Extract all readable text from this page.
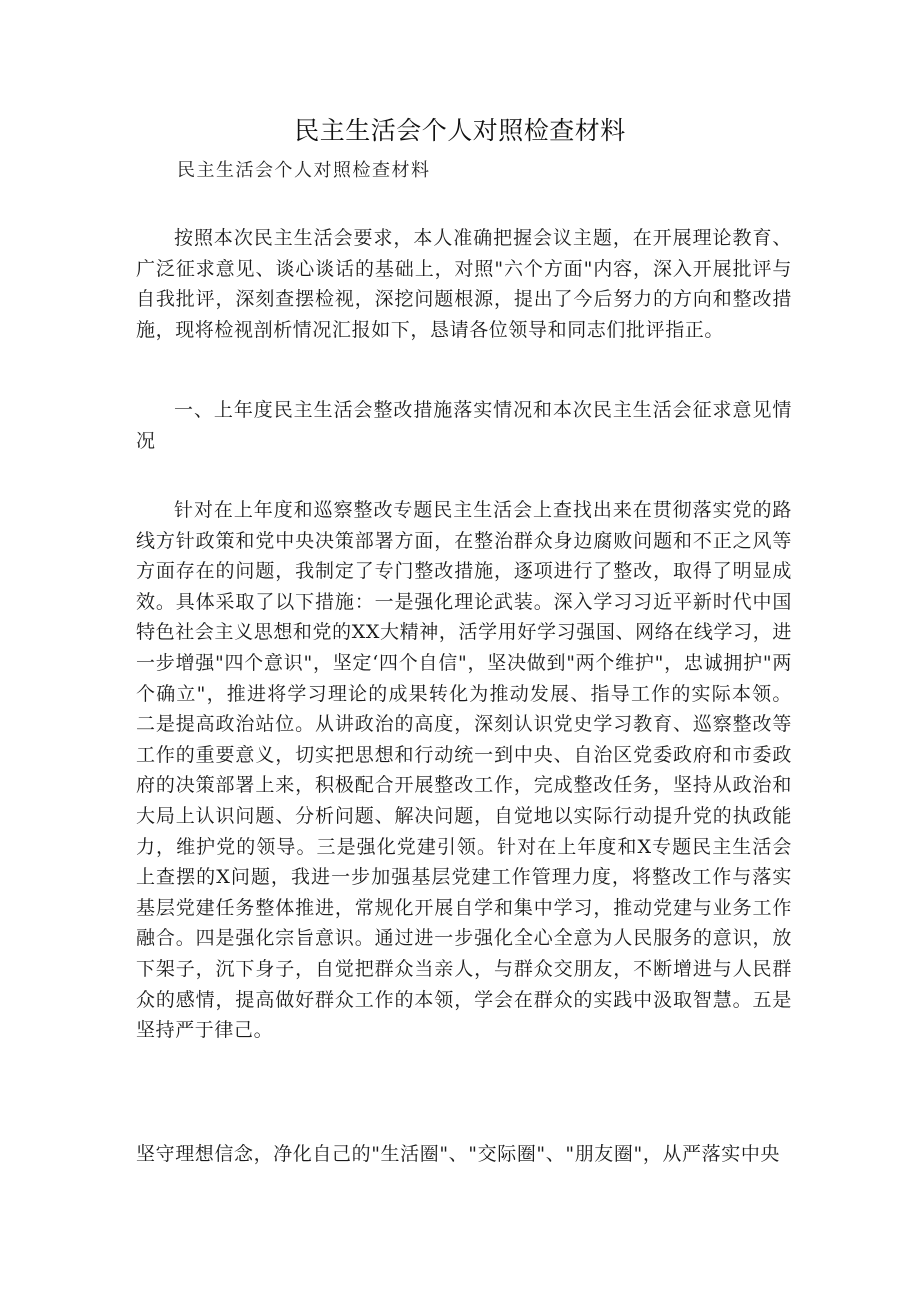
民主生活会个人对照检查材料

民主生活会个人对照检查材料

按照本次民主生活会要求，本人准确把握会议主题，在开展理论教育、广泛征求意见、谈心谈话的基础上，对照"六个方面"内容，深入开展批评与自我批评，深刻查摆检视，深挖问题根源，提出了今后努力的方向和整改措施，现将检视剖析情况汇报如下，恳请各位领导和同志们批评指正。

一、上年度民主生活会整改措施落实情况和本次民主生活会征求意见情况

针对在上年度和巡察整改专题民主生活会上查找出来在贯彻落实党的路线方针政策和党中央决策部署方面，在整治群众身边腐败问题和不正之风等方面存在的问题，我制定了专门整改措施，逐项进行了整改，取得了明显成效。具体采取了以下措施：一是强化理论武装。深入学习习近平新时代中国特色社会主义思想和党的XX大精神，活学用好学习强国、网络在线学习，进一步增强"四个意识"，坚定‘四个自信"，坚决做到"两个维护"，忠诚拥护"两个确立"，推进将学习理论的成果转化为推动发展、指导工作的实际本领。二是提高政治站位。从讲政治的高度，深刻认识党史学习教育、巡察整改等工作的重要意义，切实把思想和行动统一到中央、自治区党委政府和市委政府的决策部署上来，积极配合开展整改工作，完成整改任务，坚持从政治和大局上认识问题、分析问题、解决问题，自觉地以实际行动提升党的执政能力，维护党的领导。三是强化党建引领。针对在上年度和X专题民主生活会上查摆的X问题，我进一步加强基层党建工作管理力度，将整改工作与落实基层党建任务整体推进，常规化开展自学和集中学习，推动党建与业务工作融合。四是强化宗旨意识。通过进一步强化全心全意为人民服务的意识，放下架子，沉下身子，自觉把群众当亲人，与群众交朋友，不断增进与人民群众的感情，提高做好群众工作的本领，学会在群众的实践中汲取智慧。五是坚持严于律己。

坚守理想信念，净化自己的"生活圈"、"交际圈"、"朋友圈"，从严落实中央
